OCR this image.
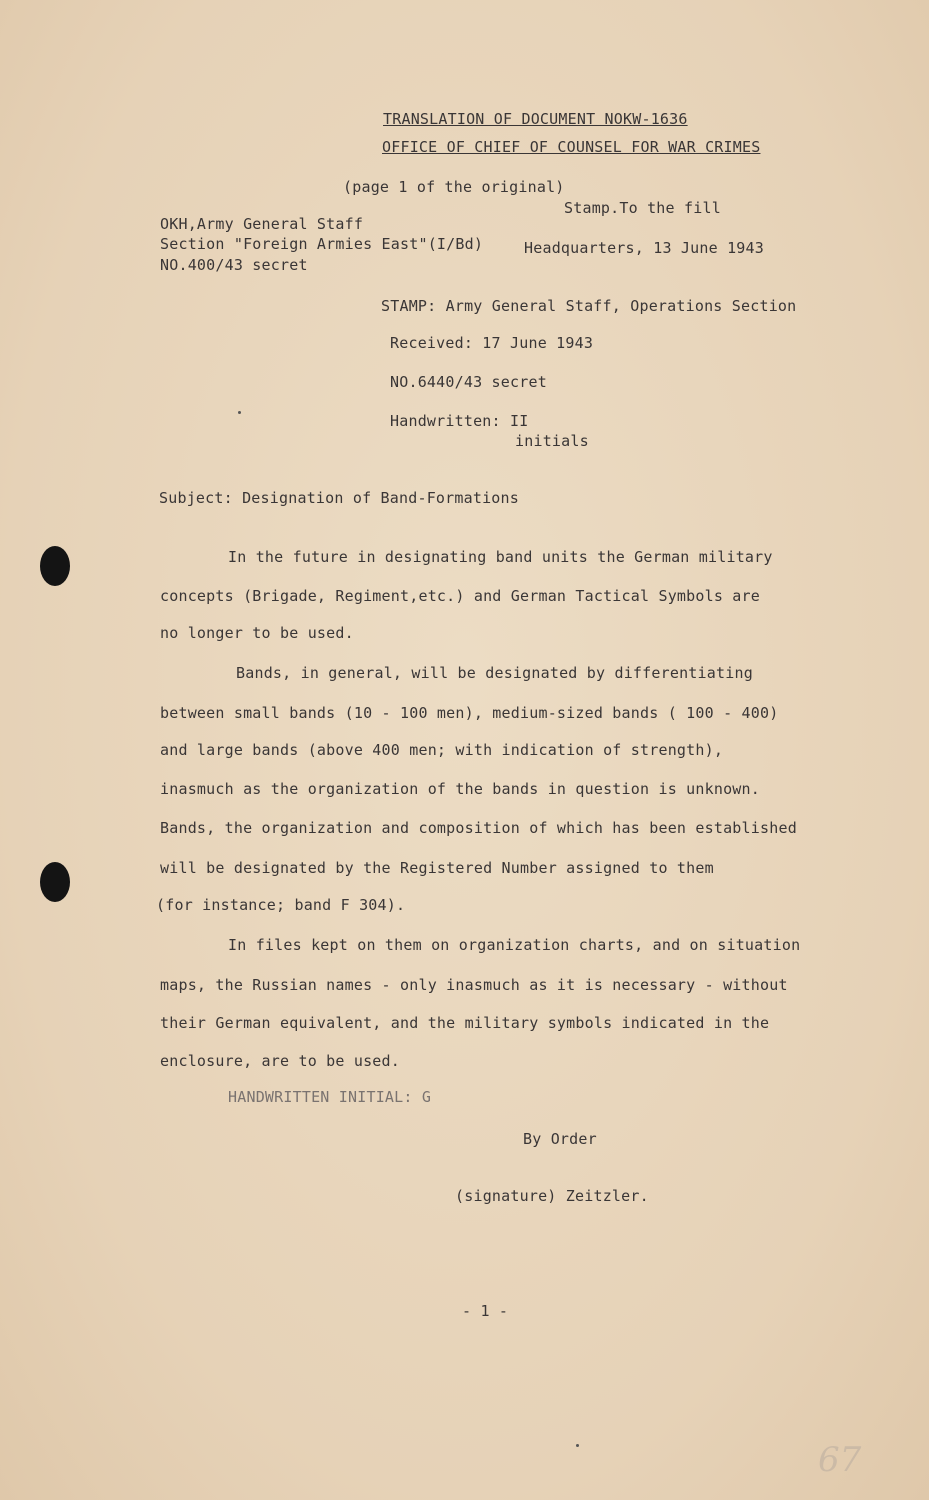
TRANSLATION OF DOCUMENT NOKW-1636
OFFICE OF CHIEF OF COUNSEL FOR WAR CRIMES
(page 1 of the original)
Stamp.To the fill
OKH,Army General Staff
Section "Foreign Armies East"(I/Bd)
NO.400/43 secret
Headquarters, 13 June 1943
STAMP: Army General Staff, Operations Section
Received: 17 June 1943
NO.6440/43 secret
Handwritten: II
initials
Subject: Designation of Band-Formations
In the future in designating band units the German military
concepts (Brigade, Regiment,etc.) and German Tactical Symbols are
no longer to be used.
Bands, in general, will be designated by differentiating
between small bands (10 - 100 men), medium-sized bands ( 100 - 400)
and large bands (above 400 men; with indication of strength),
inasmuch as the organization of the bands in question is unknown.
Bands, the organization and composition of which has been established
will be designated by the Registered Number assigned to them
(for instance; band F 304).
In files kept on them on organization charts, and on situation
maps, the Russian names - only inasmuch as it is necessary - without
their German equivalent, and the military symbols indicated in the
enclosure, are to be used.
HANDWRITTEN INITIAL: G
By Order
(signature) Zeitzler.
- 1 -
67
